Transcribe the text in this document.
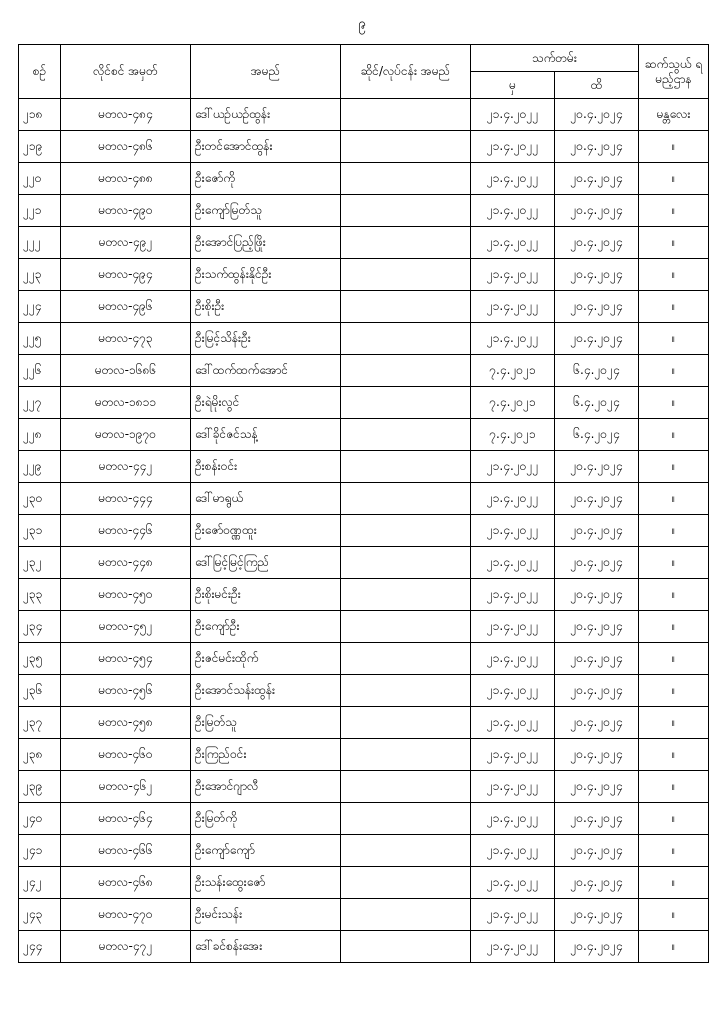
၉
စဥ်	လိုင်စင် အမှတ်	အမည်	ဆိုင်/လုပ်ငန်း အမည်	သက်တမ်း		ဆက်သွယ် ရမည့်ဌာန
				မှ	ထိ	
၂၁၈	မတလ-၄၈၄	ဒေါ်ယဉ်ယဉ်ထွန်း		၂၁.၄.၂၀၂၂	၂၀.၄.၂၀၂၄	မန္တလေး
၂၁၉	မတလ-၄၈၆	ဦးတင်အောင်ထွန်း		၂၁.၄.၂၀၂၂	၂၀.၄.၂၀၂၄	။
၂၂၀	မတလ-၄၈၈	ဦးဇော်ကို		၂၁.၄.၂၀၂၂	၂၀.၄.၂၀၂၄	။
၂၂၁	မတလ-၄၉၀	ဦးကျော်မြတ်သူ		၂၁.၄.၂၀၂၂	၂၀.၄.၂၀၂၄	။
၂၂၂	မတလ-၄၉၂	ဦးအောင်ပြည့်ဖြိုး		၂၁.၄.၂၀၂၂	၂၀.၄.၂၀၂၄	။
၂၂၃	မတလ-၄၉၄	ဦးသက်ထွန်းနိုင်ဦး		၂၁.၄.၂၀၂၂	၂၀.၄.၂၀၂၄	။
၂၂၄	မတလ-၄၉၆	ဦးစိုးဦး		၂၁.၄.၂၀၂၂	၂၀.၄.၂၀၂၄	။
၂၂၅	မတလ-၄၇၃	ဦးမြင့်သိန်းဦး		၂၁.၄.၂၀၂၂	၂၀.၄.၂၀၂၄	။
၂၂၆	မတလ-၁၆၈၆	ဒေါ်ထက်ထက်အောင်		၇.၄.၂၀၂၁	၆.၄.၂၀၂၄	။
၂၂၇	မတလ-၁၈၁၁	ဦးရဲမိုးလွင်		၇.၄.၂၀၂၁	၆.၄.၂၀၂၄	။
၂၂၈	မတလ-၁၉၇၀	ဒေါ်ခိုင်ဇင်သန့်		၇.၄.၂၀၂၁	၆.၄.၂၀၂၄	။
၂၂၉	မတလ-၄၄၂	ဦးစန်းဝင်း		၂၁.၄.၂၀၂၂	၂၀.၄.၂၀၂၄	။
၂၃၀	မတလ-၄၄၄	ဒေါ်မာရွယ်		၂၁.၄.၂၀၂၂	၂၀.၄.၂၀၂၄	။
၂၃၁	မတလ-၄၄၆	ဦးဇော်ဝဏ္ဏထူး		၂၁.၄.၂၀၂၂	၂၀.၄.၂၀၂၄	။
၂၃၂	မတလ-၄၄၈	ဒေါ်မြင့်မြင့်ကြည်		၂၁.၄.၂၀၂၂	၂၀.၄.၂၀၂၄	။
၂၃၃	မတလ-၄၅၀	ဦးစိုးမင်းဦး		၂၁.၄.၂၀၂၂	၂၀.၄.၂၀၂၄	။
၂၃၄	မတလ-၄၅၂	ဦးကျော်ဦး		၂၁.၄.၂၀၂၂	၂၀.၄.၂၀၂၄	။
၂၃၅	မတလ-၄၅၄	ဦးဇင်မင်းထိုက်		၂၁.၄.၂၀၂၂	၂၀.၄.၂၀၂၄	။
၂၃၆	မတလ-၄၅၆	ဦးအောင်သန်းထွန်း		၂၁.၄.၂၀၂၂	၂၀.၄.၂၀၂၄	။
၂၃၇	မတလ-၄၅၈	ဦးမြတ်သူ		၂၁.၄.၂၀၂၂	၂၀.၄.၂၀၂၄	။
၂၃၈	မတလ-၄၆၀	ဦးကြည်ဝင်း		၂၁.၄.၂၀၂၂	၂၀.၄.၂၀၂၄	။
၂၃၉	မတလ-၄၆၂	ဦးအောင်ဂျာလီ		၂၁.၄.၂၀၂၂	၂၀.၄.၂၀၂၄	။
၂၄၀	မတလ-၄၆၄	ဦးမြတ်ကို		၂၁.၄.၂၀၂၂	၂၀.၄.၂၀၂၄	။
၂၄၁	မတလ-၄၆၆	ဦးကျော်ကျော်		၂၁.၄.၂၀၂၂	၂၀.၄.၂၀၂၄	။
၂၄၂	မတလ-၄၆၈	ဦးသန်းထွေးဇော်		၂၁.၄.၂၀၂၂	၂၀.၄.၂၀၂၄	။
၂၄၃	မတလ-၄၇၀	ဦးမင်းသန်း		၂၁.၄.၂၀၂၂	၂၀.၄.၂၀၂၄	။
၂၄၄	မတလ-၄၇၂	ဒေါ်ခင်စန်းအေး		၂၁.၄.၂၀၂၂	၂၀.၄.၂၀၂၄	။
